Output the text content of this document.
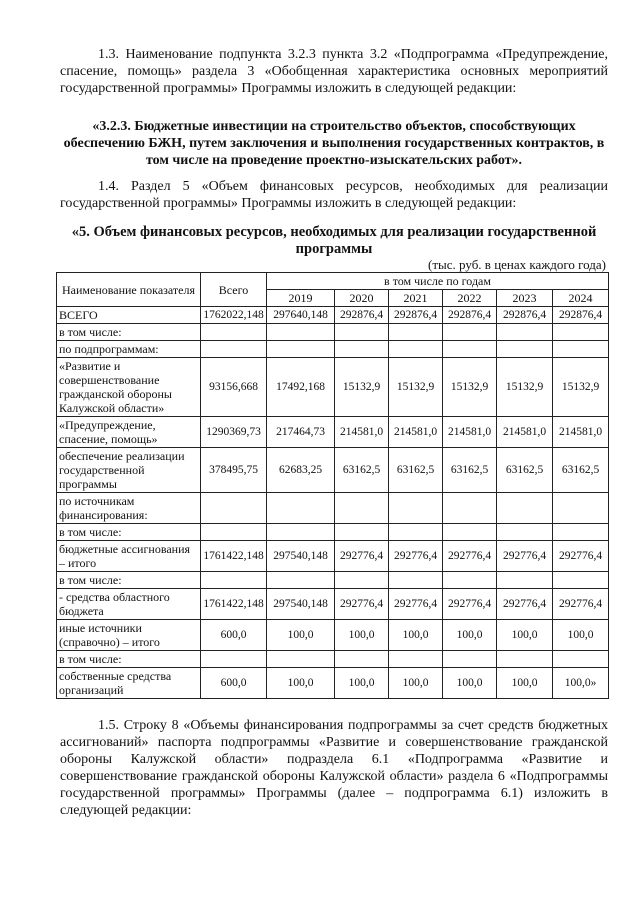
1.3. Наименование подпункта 3.2.3 пункта 3.2 «Подпрограмма «Предупреждение, спасение, помощь» раздела 3 «Обобщенная характеристика основных мероприятий государственной программы» Программы изложить в следующей редакции:

«3.2.3. Бюджетные инвестиции на строительство объектов, способствующих обеспечению БЖН, путем заключения и выполнения государственных контрактов, в том числе на проведение проектно-изыскательских работ».

1.4. Раздел 5 «Объем финансовых ресурсов, необходимых для реализации государственной программы» Программы изложить в следующей редакции:

«5. Объем финансовых ресурсов, необходимых для реализации государственной программы
(тыс. руб. в ценах каждого года)
Наименование показателя	Всего	в том числе по годам					
		2019	2020	2021	2022	2023	2024
ВСЕГО	1762022,148	297640,148	292876,4	292876,4	292876,4	292876,4	292876,4
в том числе:							
по подпрограммам:							
«Развитие и совершенствование гражданской обороны Калужской области»	93156,668	17492,168	15132,9	15132,9	15132,9	15132,9	15132,9
«Предупреждение, спасение, помощь»	1290369,73	217464,73	214581,0	214581,0	214581,0	214581,0	214581,0
обеспечение реализации государственной программы	378495,75	62683,25	63162,5	63162,5	63162,5	63162,5	63162,5
по источникам финансирования:							
в том числе:							
бюджетные ассигнования – итого	1761422,148	297540,148	292776,4	292776,4	292776,4	292776,4	292776,4
в том числе:							
- средства областного бюджета	1761422,148	297540,148	292776,4	292776,4	292776,4	292776,4	292776,4
иные источники (справочно) – итого	600,0	100,0	100,0	100,0	100,0	100,0	100,0
в том числе:							
собственные средства организаций	600,0	100,0	100,0	100,0	100,0	100,0	100,0»

1.5. Строку 8 «Объемы финансирования подпрограммы за счет средств бюджетных ассигнований» паспорта подпрограммы «Развитие и совершенствование гражданской обороны Калужской области» подраздела 6.1 «Подпрограмма «Развитие и совершенствование гражданской обороны Калужской области» раздела 6 «Подпрограммы государственной программы» Программы (далее – подпрограмма 6.1) изложить в следующей редакции:
